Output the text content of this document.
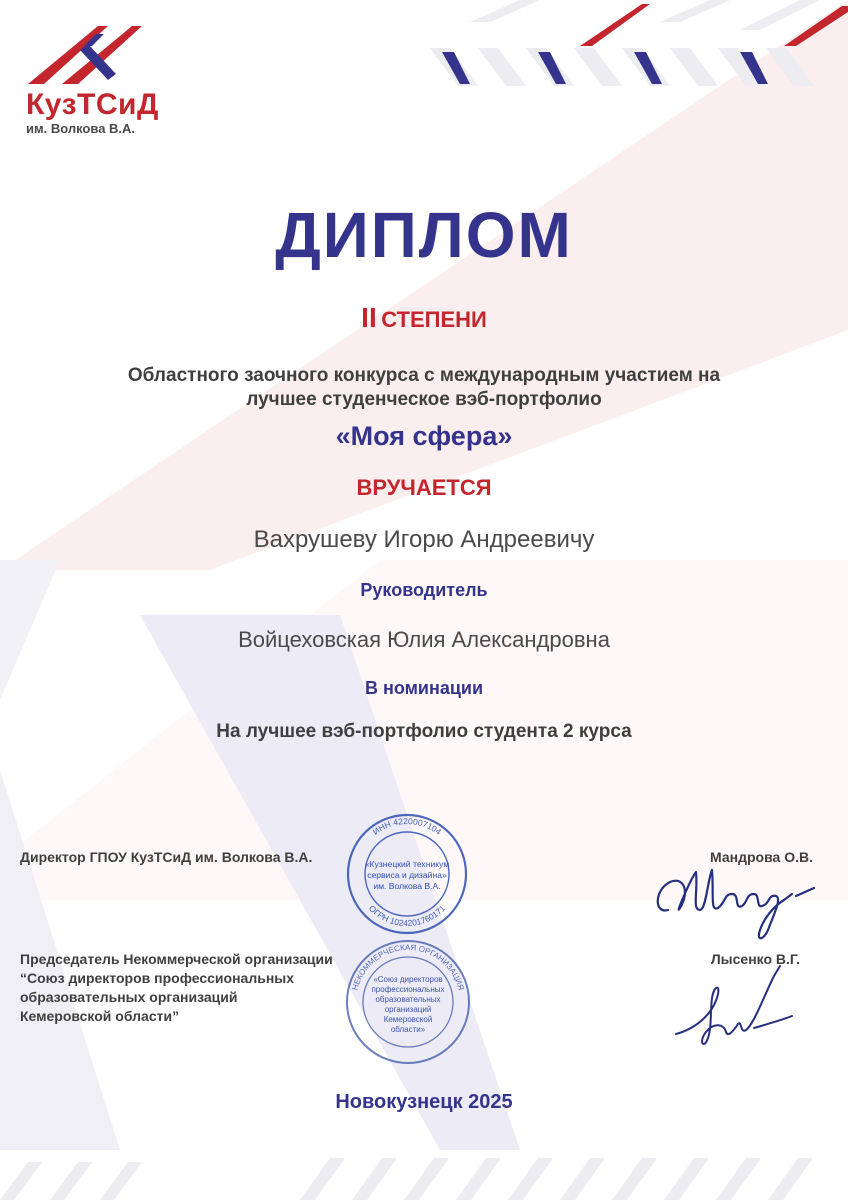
КузТСиД
им. Волкова В.А.
ДИПЛОМ
II СТЕПЕНИ
Областного заочного конкурса с международным участием на
лучшее студенческое вэб-портфолио
«Моя сфера»
ВРУЧАЕТСЯ
Вахрушеву Игорю Андреевичу
Руководитель
Войцеховская Юлия Александровна
В номинации
На лучшее вэб-портфолио студента 2 курса
Директор ГПОУ КузТСиД им. Волкова В.А.	Мандрова О.В.
Председатель Некоммерческой организации
“Союз директоров профессиональных
образовательных организаций
Кемеровской области”
Лысенко В.Г.
ИНН 4220007104
ОГРН 1024201760171
«Кузнецкий техникум
сервиса и дизайна»
им. Волкова В.А.
НЕКОММЕРЧЕСКАЯ ОРГАНИЗАЦИЯ
«Союз директоров
профессиональных
образовательных
организаций
Кемеровской
области»
Новокузнецк 2025
